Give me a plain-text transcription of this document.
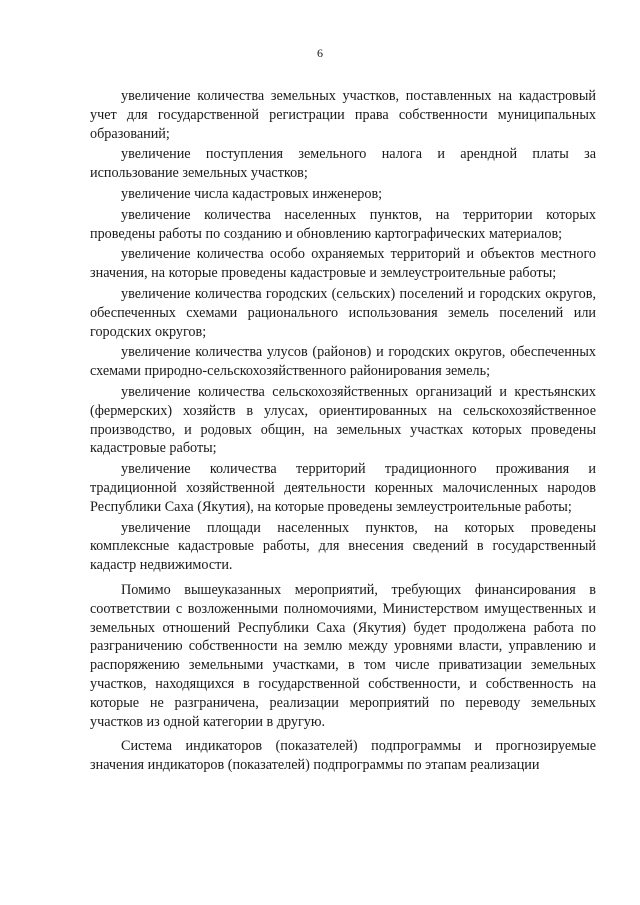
6

увеличение количества земельных участков, поставленных на кадастровый учет для государственной регистрации права собственности муниципальных образований;

увеличение поступления земельного налога и арендной платы за использование земельных участков;

увеличение числа кадастровых инженеров;

увеличение количества населенных пунктов, на территории которых проведены работы по созданию и обновлению картографических материалов;

увеличение количества особо охраняемых территорий и объектов местного значения, на которые проведены кадастровые и землеустроительные работы;

увеличение количества городских (сельских) поселений и городских округов, обеспеченных схемами рационального использования земель поселений или городских округов;

увеличение количества улусов (районов) и городских округов, обеспеченных схемами природно-сельскохозяйственного районирования земель;

увеличение количества сельскохозяйственных организаций и крестьянских (фермерских) хозяйств в улусах, ориентированных на сельскохозяйственное производство, и родовых общин, на земельных участках которых проведены кадастровые работы;

увеличение количества территорий традиционного проживания и традиционной хозяйственной деятельности коренных малочисленных народов Республики Саха (Якутия), на которые проведены землеустроительные работы;

увеличение площади населенных пунктов, на которых проведены комплексные кадастровые работы, для внесения сведений в государственный кадастр недвижимости.

Помимо вышеуказанных мероприятий, требующих финансирования в соответствии с возложенными полномочиями, Министерством имущественных и земельных отношений Республики Саха (Якутия) будет продолжена работа по разграничению собственности на землю между уровнями власти, управлению и распоряжению земельными участками, в том числе приватизации земельных участков, находящихся в государственной собственности, и собственность на которые не разграничена, реализации мероприятий по переводу земельных участков из одной категории в другую.

Система индикаторов (показателей) подпрограммы и прогнозируемые значения индикаторов (показателей) подпрограммы по этапам реализации
